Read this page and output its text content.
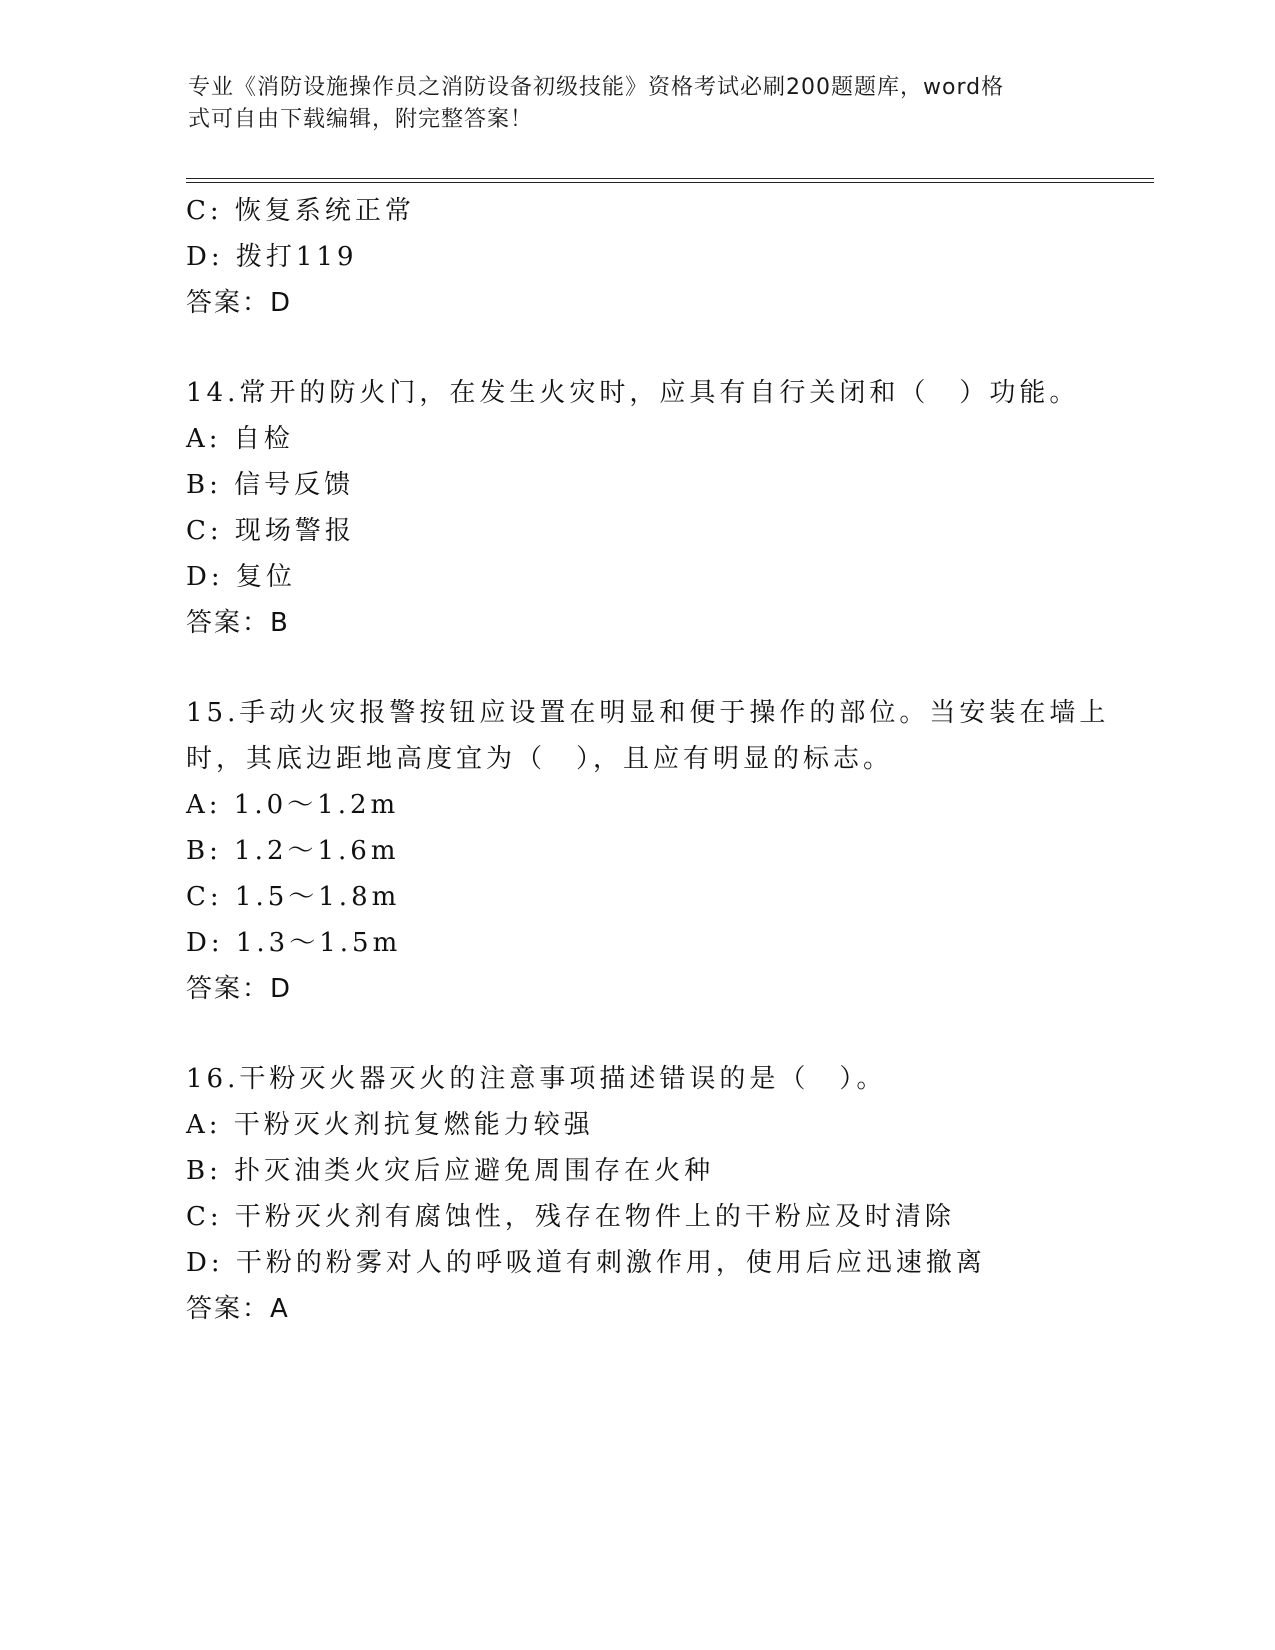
专业《消防设施操作员之消防设备初级技能》资格考试必刷200题题库，word格
式可自由下载编辑，附完整答案！
C: 恢复系统正常
D: 拨打119
答案：D
14.常开的防火门，在发生火灾时，应具有自行关闭和（　）功能。
A: 自检
B: 信号反馈
C: 现场警报
D: 复位
答案：B
15.手动火灾报警按钮应设置在明显和便于操作的部位。当安装在墙上
时，其底边距地高度宜为（　），且应有明显的标志。
A: 1.0～1.2m
B: 1.2～1.6m
C: 1.5～1.8m
D: 1.3～1.5m
答案：D
16.干粉灭火器灭火的注意事项描述错误的是（　）。
A: 干粉灭火剂抗复燃能力较强
B: 扑灭油类火灾后应避免周围存在火种
C: 干粉灭火剂有腐蚀性，残存在物件上的干粉应及时清除
D: 干粉的粉雾对人的呼吸道有刺激作用，使用后应迅速撤离
答案：A
